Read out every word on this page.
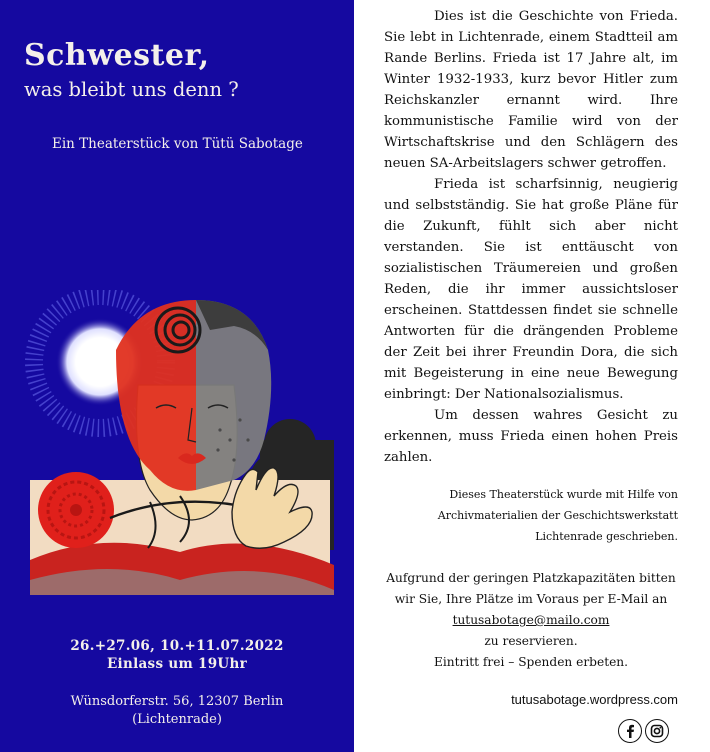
Schwester,
was bleibt uns denn ?
Ein Theaterstück von Tütü Sabotage
26.+27.06, 10.+11.07.2022
Einlass um 19Uhr
Wünsdorferstr. 56, 12307 Berlin
(Lichtenrade)

Dies ist die Geschichte von Frieda. Sie lebt in Lichtenrade, einem Stadtteil am Rande Berlins. Frieda ist 17 Jahre alt, im Winter 1932-1933, kurz bevor Hitler zum Reichskanzler ernannt wird. Ihre kommunistische Familie wird von der Wirtschaftskrise und den Schlägern des neuen SA-Arbeitslagers schwer getroffen.

Frieda ist scharfsinnig, neugierig und selbstständig. Sie hat große Pläne für die Zukunft, fühlt sich aber nicht verstanden. Sie ist enttäuscht von sozialistischen Träumereien und großen Reden, die ihr immer aussichtsloser erscheinen. Stattdessen findet sie schnelle Antworten für die drängenden Probleme der Zeit bei ihrer Freundin Dora, die sich mit Begeisterung in eine neue Bewegung einbringt: Der Nationalsozialismus.

Um dessen wahres Gesicht zu erkennen, muss Frieda einen hohen Preis zahlen.

Dieses Theaterstück wurde mit Hilfe von
Archivmaterialien der Geschichtswerkstatt
Lichtenrade geschrieben.
Aufgrund der geringen Platzkapazitäten bitten
wir Sie, Ihre Plätze im Voraus per E-Mail an
tutusabotage@mailo.com
zu reservieren.
Eintritt frei – Spenden erbeten.
tutusabotage.wordpress.com
